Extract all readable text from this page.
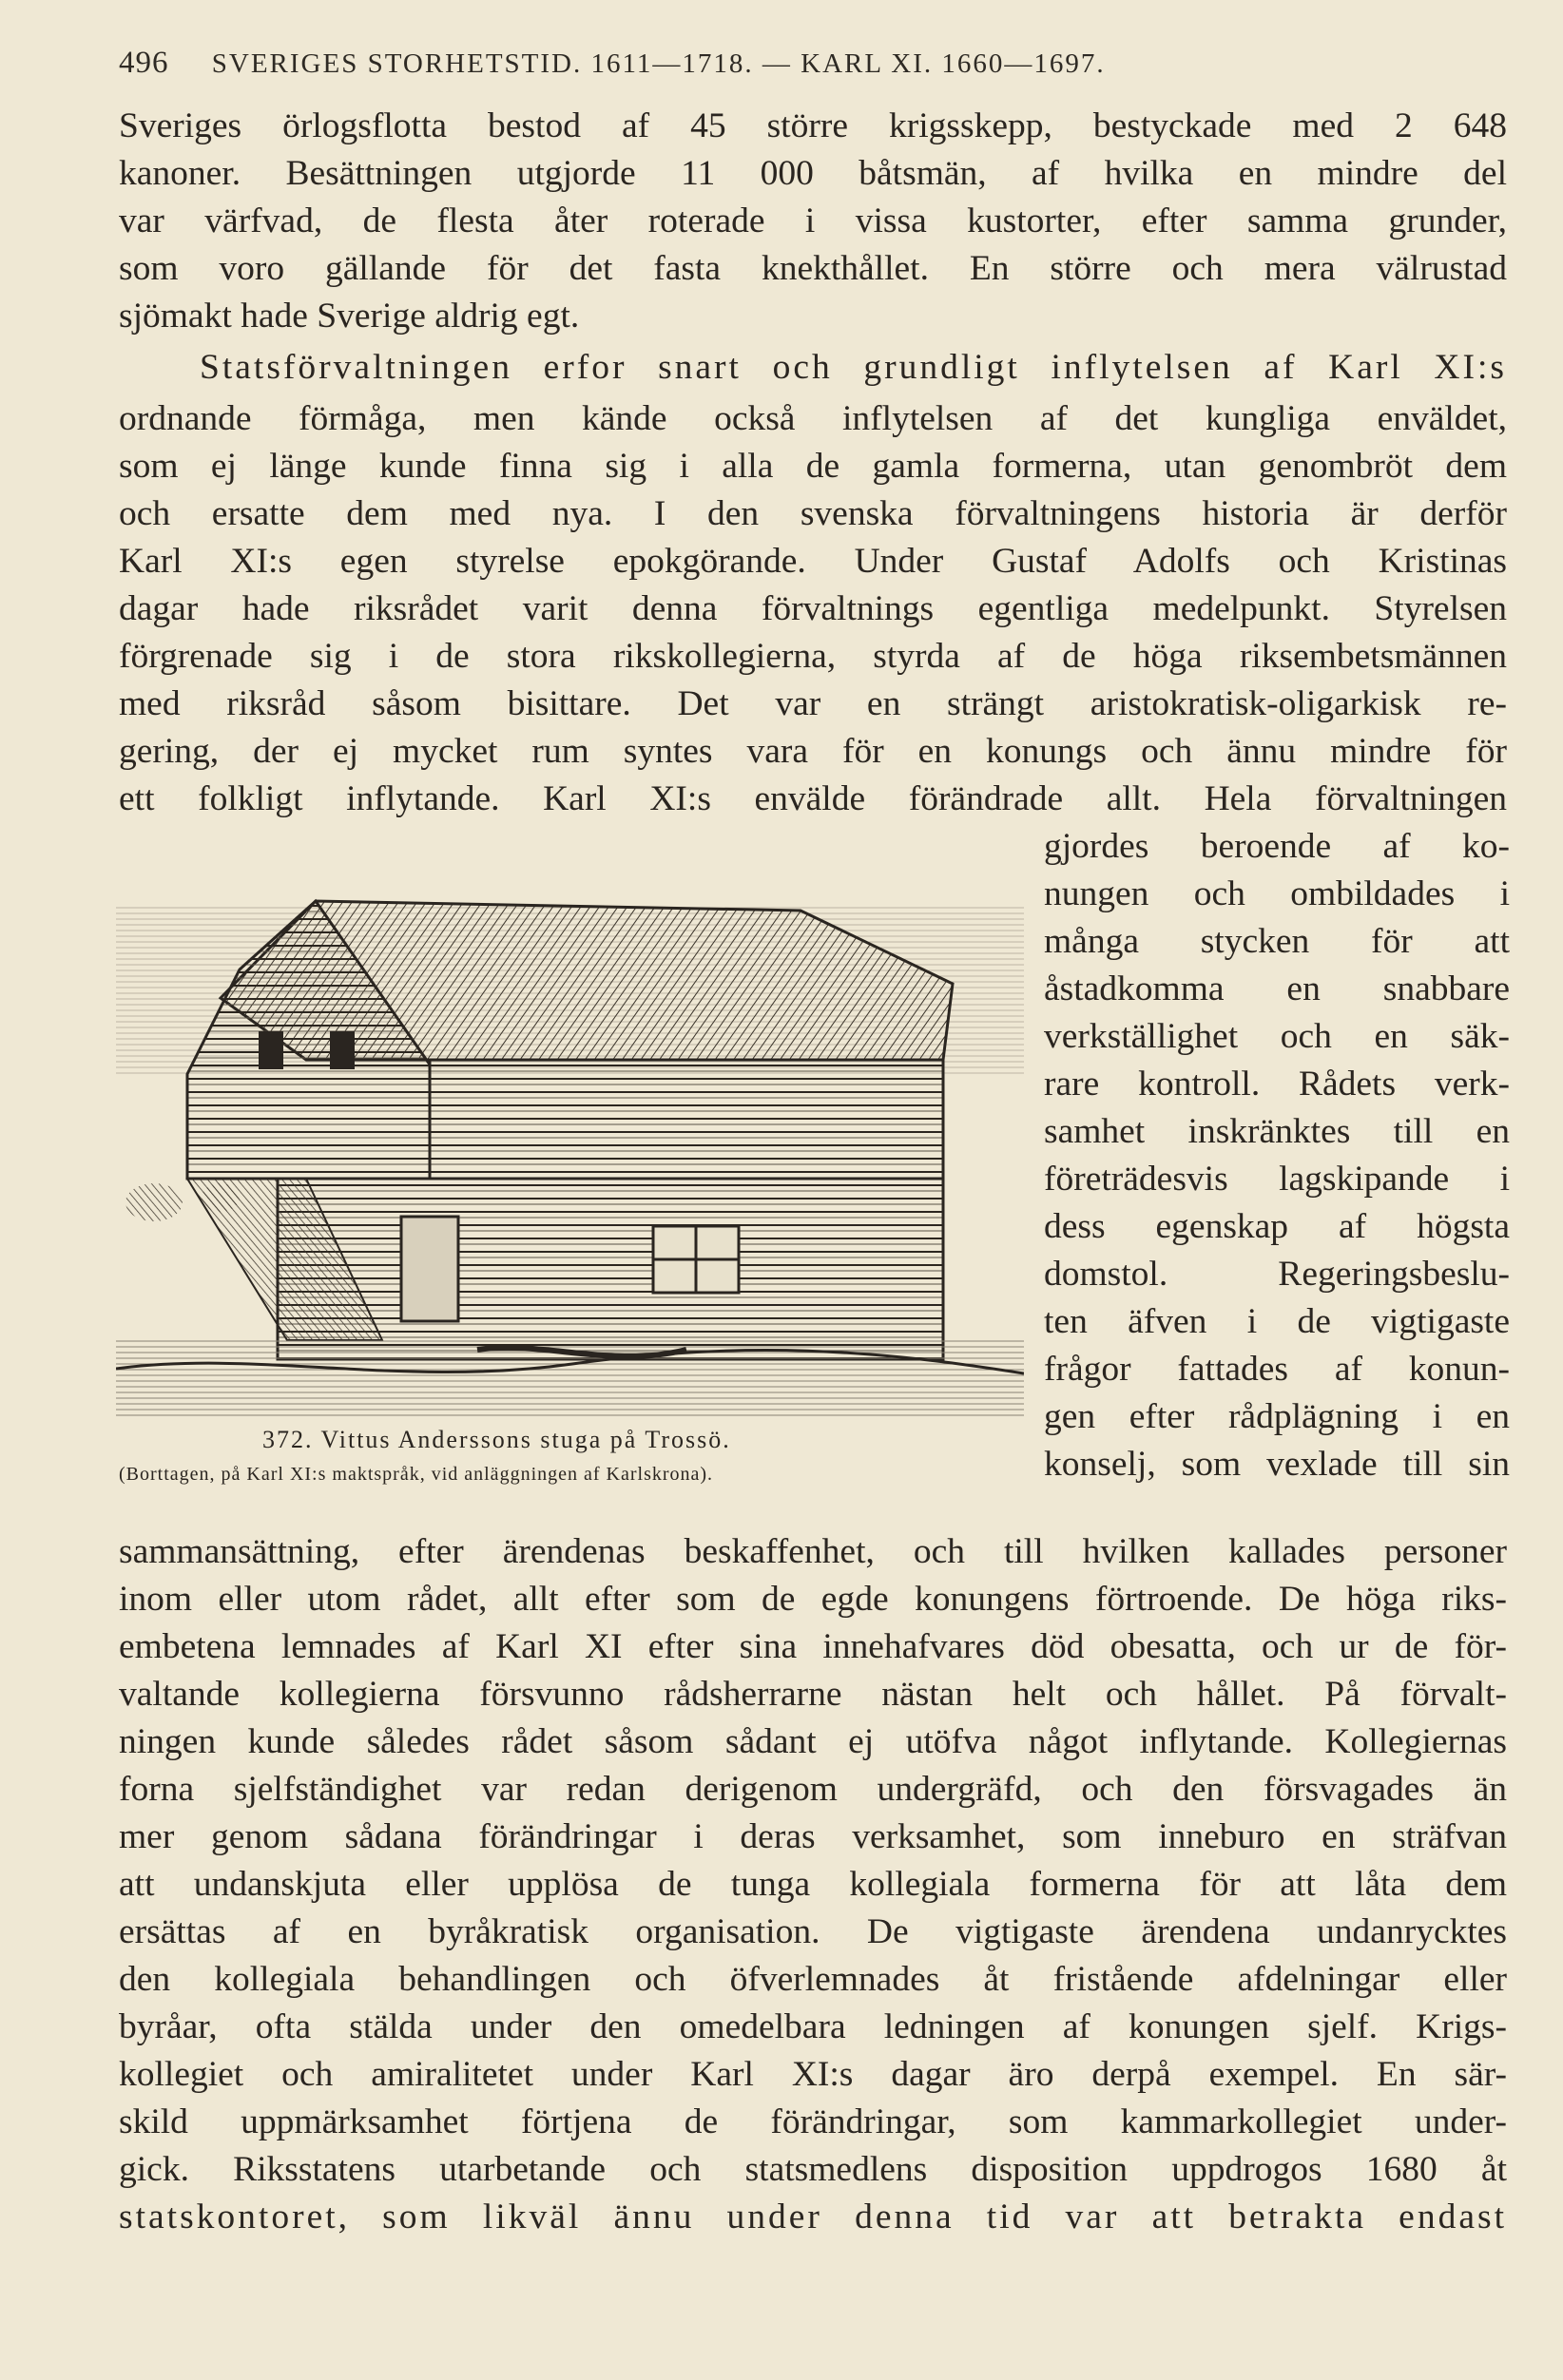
496 SVERIGES STORHETSTID. 1611—1718. — KARL XI. 1660—1697.
Sveriges örlogsflotta bestod af 45 större krigsskepp, bestyckade med 2 648
kanoner. Besättningen utgjorde 11 000 båtsmän, af hvilka en mindre del
var värfvad, de flesta åter roterade i vissa kustorter, efter samma grunder,
som voro gällande för det fasta knekthållet. En större och mera välrustad
sjömakt hade Sverige aldrig egt.
Statsförvaltningen erfor snart och grundligt inflytelsen af Karl XI:s
ordnande förmåga, men kände också inflytelsen af det kungliga enväldet,
som ej länge kunde finna sig i alla de gamla formerna, utan genombröt dem
och ersatte dem med nya. I den svenska förvaltningens historia är derför
Karl XI:s egen styrelse epokgörande. Under Gustaf Adolfs och Kristinas
dagar hade riksrådet varit denna förvaltnings egentliga medelpunkt. Styrelsen
förgrenade sig i de stora rikskollegierna, styrda af de höga riksembetsmännen
med riksråd såsom bisittare. Det var en strängt aristokratisk-oligarkisk re-
gering, der ej mycket rum syntes vara för en konungs och ännu mindre för
ett folkligt inflytande. Karl XI:s envälde förändrade allt. Hela förvaltningen
gjordes beroende af ko-
nungen och ombildades i
många stycken för att
åstadkomma en snabbare
verkställighet och en säk-
rare kontroll. Rådets verk-
samhet inskränktes till en
företrädesvis lagskipande i
dess egenskap af högsta
domstol. Regeringsbeslu-
ten äfven i de vigtigaste
frågor fattades af konun-
gen efter rådplägning i en
konselj, som vexlade till sin
372. Vittus Anderssons stuga på Trossö.
(Borttagen, på Karl XI:s maktspråk, vid anläggningen af Karlskrona).
sammansättning, efter ärendenas beskaffenhet, och till hvilken kallades personer
inom eller utom rådet, allt efter som de egde konungens förtroende. De höga riks-
embetena lemnades af Karl XI efter sina innehafvares död obesatta, och ur de för-
valtande kollegierna försvunno rådsherrarne nästan helt och hållet. På förvalt-
ningen kunde således rådet såsom sådant ej utöfva något inflytande. Kollegiernas
forna sjelfständighet var redan derigenom undergräfd, och den försvagades än
mer genom sådana förändringar i deras verksamhet, som inneburo en sträfvan
att undanskjuta eller upplösa de tunga kollegiala formerna för att låta dem
ersättas af en byråkratisk organisation. De vigtigaste ärendena undanrycktes
den kollegiala behandlingen och öfverlemnades åt fristående afdelningar eller
byråar, ofta stälda under den omedelbara ledningen af konungen sjelf. Krigs-
kollegiet och amiralitetet under Karl XI:s dagar äro derpå exempel. En sär-
skild uppmärksamhet förtjena de förändringar, som kammarkollegiet under-
gick. Riksstatens utarbetande och statsmedlens disposition uppdrogos 1680 åt
statskontoret, som likväl ännu under denna tid var att betrakta endast
